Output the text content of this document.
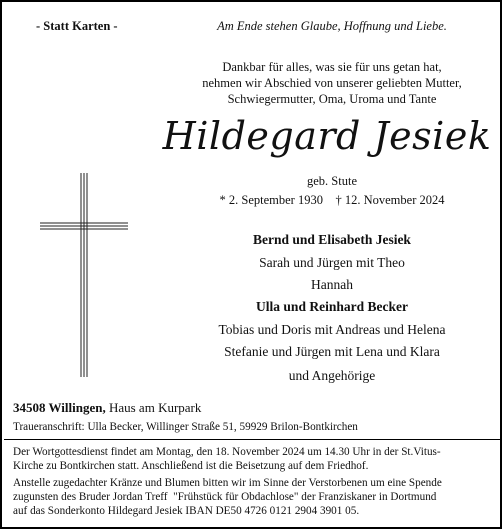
- Statt Karten -	Am Ende stehen Glaube, Hoffnung und Liebe.
Dankbar für alles, was sie für uns getan hat,
nehmen wir Abschied von unserer geliebten Mutter,
Schwiegermutter, Oma, Uroma und Tante
Hildegard Jesiek
geb. Stute
* 2. September 1930    † 12. November 2024
Bernd und Elisabeth Jesiek
Sarah und Jürgen mit Theo
Hannah
Ulla und Reinhard Becker
Tobias und Doris mit Andreas und Helena
Stefanie und Jürgen mit Lena und Klara
und Angehörige
34508 Willingen, Haus am Kurpark
Traueranschrift: Ulla Becker, Willinger Straße 51, 59929 Brilon-Bontkirchen
Der Wortgottesdienst findet am Montag, den 18. November 2024 um 14.30 Uhr in der St.Vitus-
Kirche zu Bontkirchen statt. Anschließend ist die Beisetzung auf dem Friedhof.
Anstelle zugedachter Kränze und Blumen bitten wir im Sinne der Verstorbenen um eine Spende
zugunsten des Bruder Jordan Treff  "Frühstück für Obdachlose" der Franziskaner in Dortmund
auf das Sonderkonto Hildegard Jesiek IBAN DE50 4726 0121 2904 3901 05.
